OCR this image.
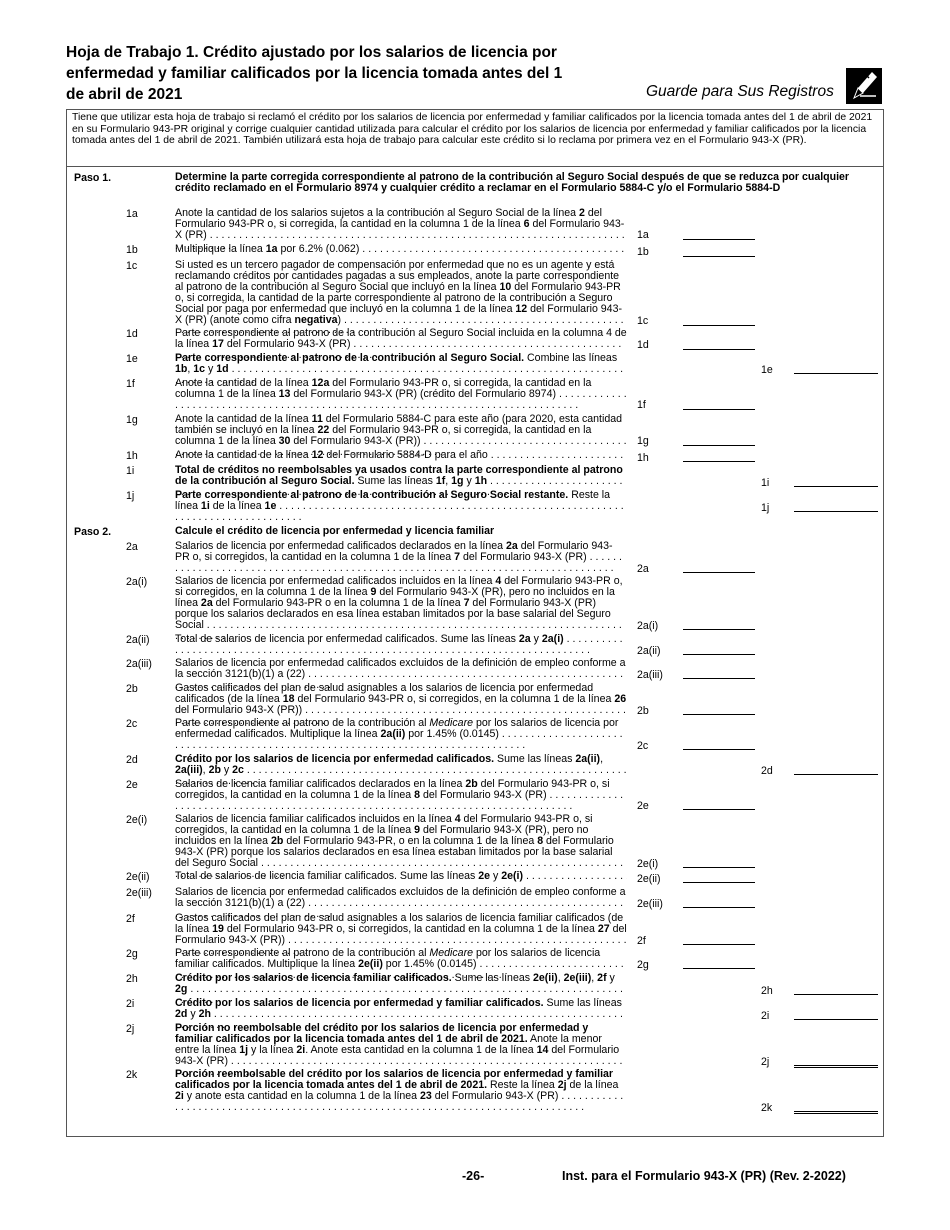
Hoja de Trabajo 1. Crédito ajustado por los salarios de licencia por
enfermedad y familiar calificados por la licencia tomada antes del 1
de abril de 2021	Guarde para Sus Registros

Tiene que utilizar esta hoja de trabajo si reclamó el crédito por los salarios de licencia por enfermedad y familiar calificados por la licencia tomada antes del 1 de abril de 2021 en su Formulario 943-PR original y corrige cualquier cantidad utilizada para calcular el crédito por los salarios de licencia por enfermedad y familiar calificados por la licencia tomada antes del 1 de abril de 2021. También utilizará esta hoja de trabajo para calcular este crédito si lo reclama por primera vez en el Formulario 943-X (PR).

Paso 1.	Determine la parte corregida correspondiente al patrono de la contribución al Seguro Social después de que se reduzca por cualquier crédito reclamado en el Formulario 8974 y cualquier crédito a reclamar en el Formulario 5884-C y/o el Formulario 5884-D
1a	Anote la cantidad de los salarios sujetos a la contribución al Seguro Social de la línea 2 del Formulario 943-PR o, si corregida, la cantidad en la columna 1 de la línea 6 del Formulario 943-X (PR) . . .	1a
1b	Multiplique la línea 1a por 6.2% (0.062) . . .	1b
1c	Si usted es un tercero pagador de compensación por enfermedad que no es un agente y está reclamando créditos por cantidades pagadas a sus empleados, anote la parte correspondiente al patrono de la contribución al Seguro Social que incluyó en la línea 10 del Formulario 943-PR o, si corregida, la cantidad de la parte correspondiente al patrono de la contribución a Seguro Social por paga por enfermedad que incluyó en la columna 1 de la línea 12 del Formulario 943-X (PR) (anote como cifra negativa) . . .	1c
1d	Parte correspondiente al patrono de la contribución al Seguro Social incluida en la columna 4 de la línea 17 del Formulario 943-X (PR) . . .	1d
1e	Parte correspondiente al patrono de la contribución al Seguro Social. Combine las líneas 1b, 1c y 1d . . .	1e
1f	Anote la cantidad de la línea 12a del Formulario 943-PR o, si corregida, la cantidad en la columna 1 de la línea 13 del Formulario 943-X (PR) (crédito del Formulario 8974) . . .
1f
1g	Anote la cantidad de la línea 11 del Formulario 5884-C para este año (para 2020, esta cantidad también se incluyó en la línea 22 del Formulario 943-PR o, si corregida, la cantidad en la columna 1 de la línea 30 del Formulario 943-X (PR)) . . .	1g
1h	Anote la cantidad de la línea 12 del Formulario 5884-D para el año . . .	1h
1i	Total de créditos no reembolsables ya usados contra la parte correspondiente al patrono de la contribución al Seguro Social. Sume las líneas 1f, 1g y 1h . . .	1i
1j	Parte correspondiente al patrono de la contribución al Seguro Social restante. Reste la línea 1i de la línea 1e . . .	1j
Paso 2.	Calcule el crédito de licencia por enfermedad y licencia familiar
2a	Salarios de licencia por enfermedad calificados declarados en la línea 2a del Formulario 943-PR o, si corregidos, la cantidad en la columna 1 de la línea 7 del Formulario 943-X (PR) . . .
2a
2a(i)	Salarios de licencia por enfermedad calificados incluidos en la línea 4 del Formulario 943-PR o, si corregidos, en la columna 1 de la línea 9 del Formulario 943-X (PR), pero no incluidos en la línea 2a del Formulario 943-PR o en la columna 1 de la línea 7 del Formulario 943-X (PR) porque los salarios declarados en esa línea estaban limitados por la base salarial del Seguro Social . . .	2a(i)
2a(ii) Total de salarios de licencia por enfermedad calificados. Sume las líneas 2a y 2a(i) . . .
2a(ii)
2a(iii) Salarios de licencia por enfermedad calificados excluidos de la definición de empleo conforme a la sección 3121(b)(1) a (22) . . .	2a(iii)
2b	Gastos calificados del plan de salud asignables a los salarios de licencia por enfermedad calificados (de la línea 18 del Formulario 943-PR o, si corregidos, en la columna 1 de la línea 26 del Formulario 943-X (PR)) . . .	2b
2c	Parte correspondiente al patrono de la contribución al Medicare por los salarios de licencia por enfermedad calificados. Multiplique la línea 2a(ii) por 1.45% (0.0145) . . .
2c
2d	Crédito por los salarios de licencia por enfermedad calificados. Sume las líneas 2a(ii), 2a(iii), 2b y 2c . . .	2d
2e	Salarios de licencia familiar calificados declarados en la línea 2b del Formulario 943-PR o, si corregidos, la cantidad en la columna 1 de la línea 8 del Formulario 943-X (PR) . . .
2e
2e(i)	Salarios de licencia familiar calificados incluidos en la línea 4 del Formulario 943-PR o, si corregidos, la cantidad en la columna 1 de la línea 9 del Formulario 943-X (PR), pero no incluidos en la línea 2b del Formulario 943-PR, o en la columna 1 de la línea 8 del Formulario 943-X (PR) porque los salarios declarados en esa línea estaban limitados por la base salarial del Seguro Social . . .	2e(i)
2e(ii) Total de salarios de licencia familiar calificados. Sume las líneas 2e y 2e(i) . . .	2e(ii)
2e(iii) Salarios de licencia por enfermedad calificados excluidos de la definición de empleo conforme a la sección 3121(b)(1) a (22) . . .	2e(iii)
2f	Gastos calificados del plan de salud asignables a los salarios de licencia familiar calificados (de la línea 19 del Formulario 943-PR o, si corregidos, la cantidad en la columna 1 de la línea 27 del Formulario 943-X (PR)) . . .	2f
2g	Parte correspondiente al patrono de la contribución al Medicare por los salarios de licencia familiar calificados. Multiplique la línea 2e(ii) por 1.45% (0.0145) . . .	2g
2h	Crédito por los salarios de licencia familiar calificados. Sume las líneas 2e(ii), 2e(iii), 2f y 2g . . .	2h
2i	Crédito por los salarios de licencia por enfermedad y familiar calificados. Sume las líneas 2d y 2h . . .	2i
2j	Porción no reembolsable del crédito por los salarios de licencia por enfermedad y familiar calificados por la licencia tomada antes del 1 de abril de 2021. Anote la menor entre la línea 1j y la línea 2i. Anote esta cantidad en la columna 1 de la línea 14 del Formulario 943-X (PR) . . .	2j
2k	Porción reembolsable del crédito por los salarios de licencia por enfermedad y familiar calificados por la licencia tomada antes del 1 de abril de 2021. Reste la línea 2j de la línea 2i y anote esta cantidad en la columna 1 de la línea 23 del Formulario 943-X (PR) . . .
2k
-26-	Inst. para el Formulario 943-X (PR) (Rev. 2-2022)
